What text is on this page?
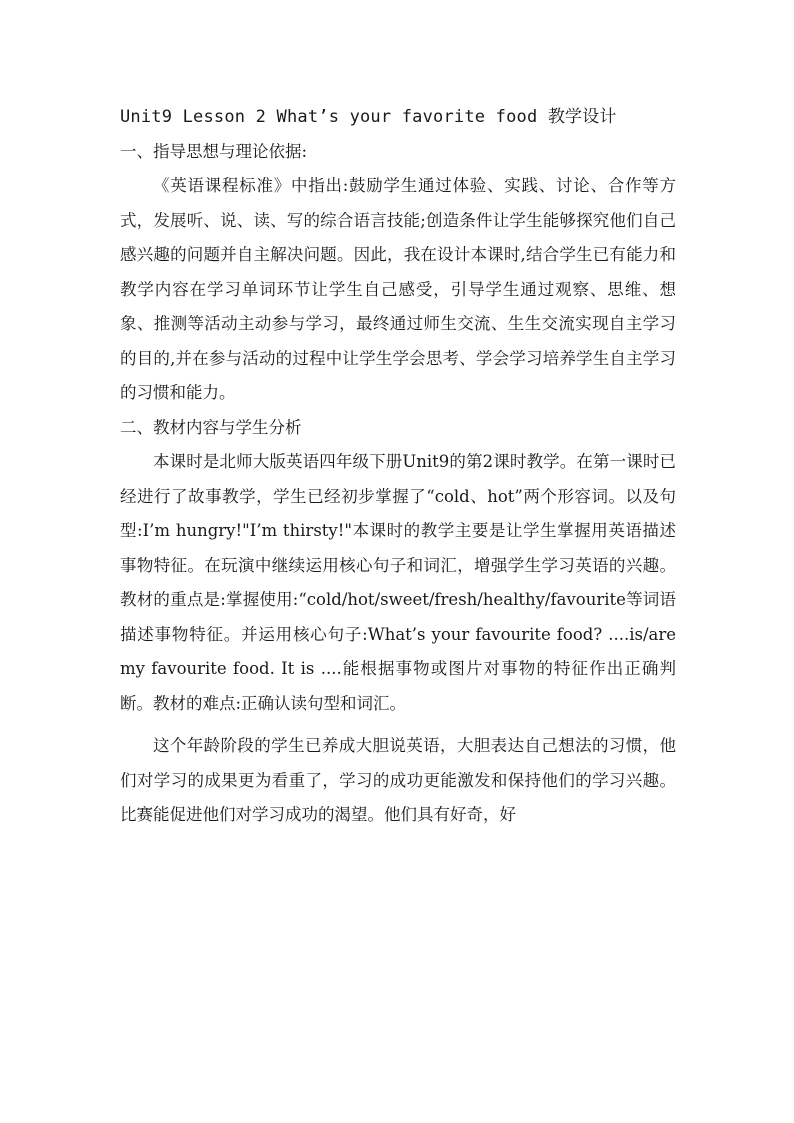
Unit9 Lesson 2 What’s your favorite food 教学设计
一、指导思想与理论依据:

《英语课程标准》中指出:鼓励学生通过体验、实践、讨论、合作等方式，发展听、说、读、写的综合语言技能;创造条件让学生能够探究他们自己感兴趣的问题并自主解决问题。因此，我在设计本课时,结合学生已有能力和教学内容在学习单词环节让学生自己感受，引导学生通过观察、思维、想象、推测等活动主动参与学习，最终通过师生交流、生生交流实现自主学习的目的,并在参与活动的过程中让学生学会思考、学会学习培养学生自主学习的习惯和能力。

二、教材内容与学生分析

本课时是北师大版英语四年级下册Unit9的第2课时教学。在第一课时已经进行了故事教学，学生已经初步掌握了“cold、hot”两个形容词。以及句型:I’m hungry!"I’m thirsty!"本课时的教学主要是让学生掌握用英语描述事物特征。在玩演中继续运用核心句子和词汇，增强学生学习英语的兴趣。教材的重点是:掌握使用:“cold/hot/sweet/fresh/healthy/favourite等词语描述事物特征。并运用核心句子:What’s your favourite food? ....is/are my favourite food. It is ....能根据事物或图片对事物的特征作出正确判断。教材的难点:正确认读句型和词汇。

这个年龄阶段的学生已养成大胆说英语，大胆表达自己想法的习惯，他们对学习的成果更为看重了，学习的成功更能激发和保持他们的学习兴趣。比赛能促进他们对学习成功的渴望。他们具有好奇，好
